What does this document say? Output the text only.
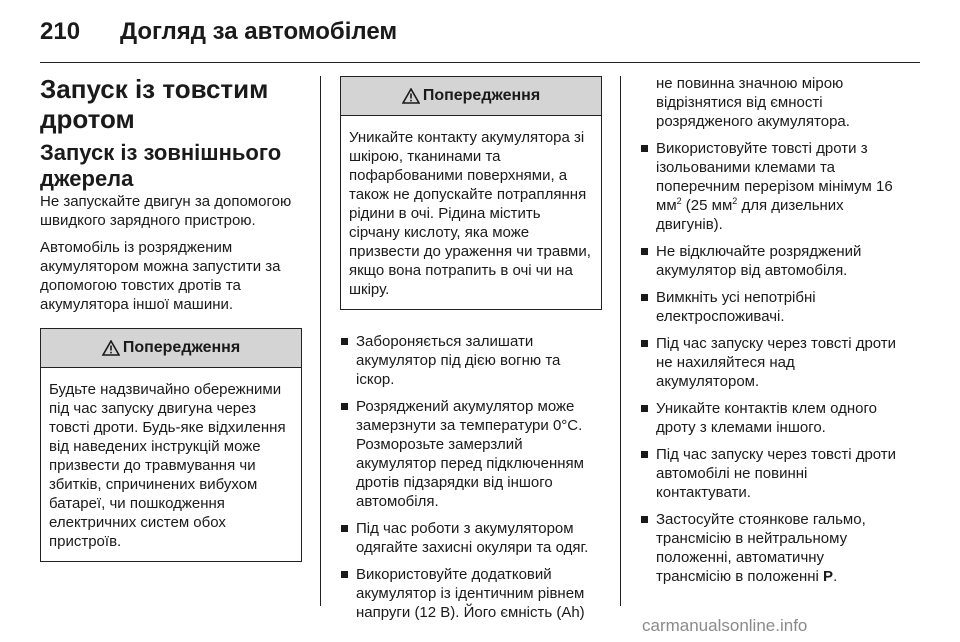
210 Догляд за автомобілем
Запуск із товстим дротом
Запуск із зовнішнього джерела

Не запускайте двигун за допомогою швидкого зарядного пристрою.

Автомобіль із розрядженим акумулятором можна запустити за допомогою товстих дротів та акумулятора іншої машини.

Попередження
Будьте надзвичайно обережними під час запуску двигуна через товсті дроти. Будь-яке відхилення від наведених інструкцій може призвести до травмування чи збитків, спричинених вибухом батареї, чи пошкодження електричних систем обох пристроїв.
Попередження
Уникайте контакту акумулятора зі шкірою, тканинами та пофарбованими поверхнями, а також не допускайте потрапляння рідини в очі. Рідина містить сірчану кислоту, яка може призвести до ураження чи травми, якщо вона потрапить в очі чи на шкіру.
Забороняється залишати акумулятор під дією вогню та іскор.
Розряджений акумулятор може замерзнути за температури 0°C. Розморозьте замерзлий акумулятор перед підключенням дротів підзарядки від іншого автомобіля.
Під час роботи з акумулятором одягайте захисні окуляри та одяг.
Використовуйте додатковий акумулятор із ідентичним рівнем напруги (12 В). Його ємність (Ah)

не повинна значною мірою відрізнятися від ємності розрядженого акумулятора.

Використовуйте товсті дроти з ізольованими клемами та поперечним перерізом мінімум 16 $мм^2$ (25 $мм^2$ для дизельних двигунів).
Не відключайте розряджений акумулятор від автомобіля.
Вимкніть усі непотрібні електроспоживачі.
Під час запуску через товсті дроти не нахиляйтеся над акумулятором.
Уникайте контактів клем одного дроту з клемами іншого.
Під час запуску через товсті дроти автомобілі не повинні контактувати.
Застосуйте стоянкове гальмо, трансмісію в нейтральному положенні, автоматичну трансмісію в положенні P.
carmanualsonline.info
